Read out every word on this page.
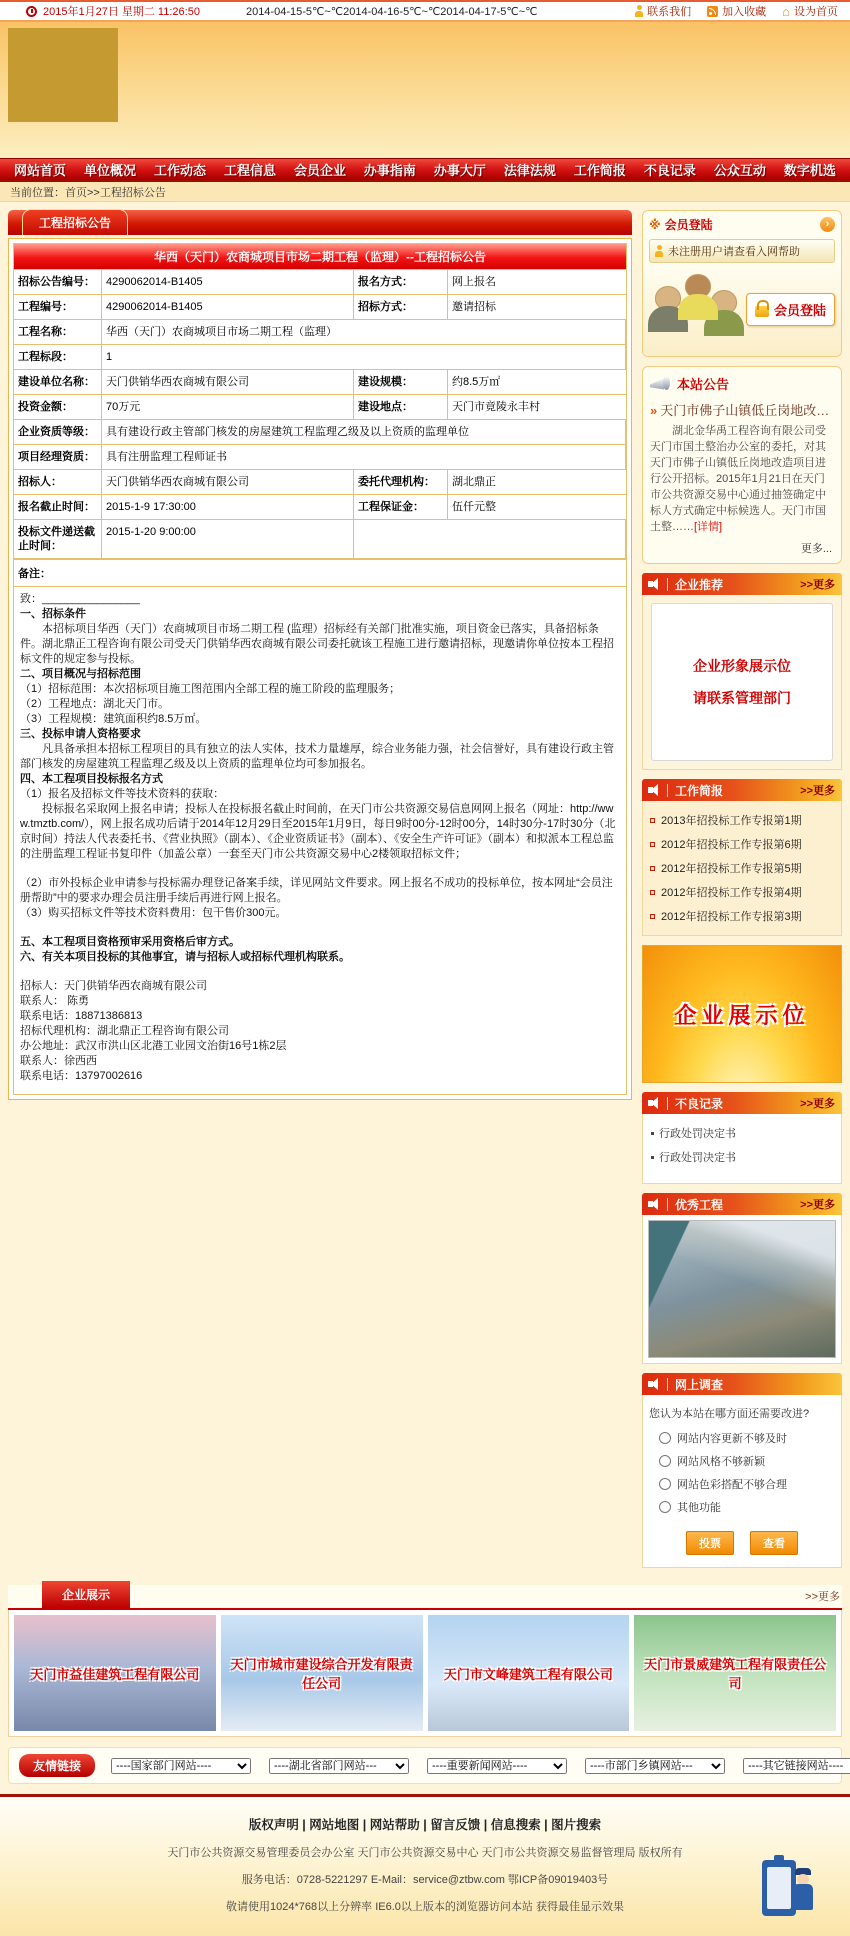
2015年1月27日 星期二 11:26:50	2014-04-15-5℃~℃2014-04-16-5℃~℃2014-04-17-5℃~℃	联系我们	加入收藏 ⌂ 设为首页
网站首页 单位概况 工作动态 工程信息 会员企业 办事指南 办事大厅 法律法规 工作简报 不良记录 公众互动 数字机选
当前位置：首页>>工程招标公告
工程招标公告
华西（天门）农商城项目市场二期工程（监理）--工程招标公告
招标公告编号：	4290062014-B1405	报名方式：	网上报名
工程编号：	4290062014-B1405	招标方式：	邀请招标
工程名称：	华西（天门）农商城项目市场二期工程（监理）
工程标段：	1
建设单位名称：	天门供销华西农商城有限公司	建设规模：	约8.5万㎡
投资金额：	70万元	建设地点：	天门市竟陵永丰村
企业资质等级：	具有建设行政主管部门核发的房屋建筑工程监理乙级及以上资质的监理单位
项目经理资质：	具有注册监理工程师证书
招标人：	天门供销华西农商城有限公司	委托代理机构：	湖北鼎正
报名截止时间：	2015-1-9 17:30:00	工程保证金：	伍仟元整
投标文件递送截止时间：
2015-1-20 9:00:00
备注：
致：________________
一、招标条件
　　本招标项目华西（天门）农商城项目市场二期工程 (监理）招标经有关部门批准实施，项目资金已落实，具备招标条件。湖北鼎正工程咨询有限公司受天门供销华西农商城有限公司委托就该工程施工进行邀请招标，现邀请你单位按本工程招标文件的规定参与投标。
二、项目概况与招标范围
（1）招标范围：本次招标项目施工图范围内全部工程的施工阶段的监理服务；
（2）工程地点：湖北天门市。
（3）工程规模：建筑面积约8.5万㎡。
三、投标申请人资格要求
　　凡具备承担本招标工程项目的具有独立的法人实体，技术力量雄厚，综合业务能力强，社会信誉好，具有建设行政主管部门核发的房屋建筑工程监理乙级及以上资质的监理单位均可参加报名。
四、本工程项目投标报名方式
（1）报名及招标文件等技术资料的获取：
　　投标报名采取网上报名申请；投标人在投标报名截止时间前，在天门市公共资源交易信息网网上报名（网址：http://www.tmztb.com/），网上报名成功后请于2014年12月29日至2015年1月9日，每日9时00分-12时00分，14时30分-17时30分（北京时间）持法人代表委托书、《营业执照》（副本）、《企业资质证书》（副本）、《安全生产许可证》（副本）和拟派本工程总监的注册监理工程证书复印件（加盖公章）一套至天门市公共资源交易中心2楼领取招标文件；
（2）市外投标企业申请参与投标需办理登记备案手续，详见网站文件要求。网上报名不成功的投标单位，按本网址“会员注册帮助”中的要求办理会员注册手续后再进行网上报名。
（3）购买招标文件等技术资料费用：包干售价300元。
五、本工程项目资格预审采用资格后审方式。
六、有关本项目投标的其他事宜，请与招标人或招标代理机构联系。
招标人：天门供销华西农商城有限公司
联系人： 陈勇
联系电话：18871386813
招标代理机构：湖北鼎正工程咨询有限公司
办公地址：武汉市洪山区北港工业园文治街16号1栋2层
联系人：徐西西
联系电话：13797002616
※ 会员登陆	›
未注册用户请查看入网帮助
会员登陆
本站公告
» 天门市佛子山镇低丘岗地改…
　　湖北金华禹工程咨询有限公司受天门市国土整治办公室的委托，对其天门市佛子山镇低丘岗地改造项目进行公开招标。2015年1月21日在天门市公共资源交易中心通过抽签确定中标人方式确定中标候选人。天门市国土整……[详情]
更多...
企业推荐	>>更多
企业形象展示位
请联系管理部门
工作简报	>>更多
2013年招投标工作专报第1期
2012年招投标工作专报第6期
2012年招投标工作专报第5期
2012年招投标工作专报第4期
2012年招投标工作专报第3期
企业展示位
不良记录	>>更多
行政处罚决定书
行政处罚决定书
优秀工程	>>更多
网上调查
您认为本站在哪方面还需要改进?
网站内容更新不够及时
网站风格不够新颖
网站色彩搭配不够合理
其他功能
投票	查看
企业展示	>>更多
天门市益佳建筑工程有限公司
天门市城市建设综合开发有限责任公司
天门市文峰建筑工程有限公司
天门市景威建筑工程有限责任公司
友情链接
----国家部门网站----
----湖北省部门网站---
----重要新闻网站----
----市部门乡镇网站---
----其它链接网站----
版权声明 | 网站地图 | 网站帮助 | 留言反馈 | 信息搜索 | 图片搜索
天门市公共资源交易管理委员会办公室 天门市公共资源交易中心 天门市公共资源交易监督管理局 版权所有
服务电话：0728-5221297 E-Mail：service@ztbw.com 鄂ICP备09019403号
敬请使用1024*768以上分辨率 IE6.0以上版本的浏览器访问本站 获得最佳显示效果
